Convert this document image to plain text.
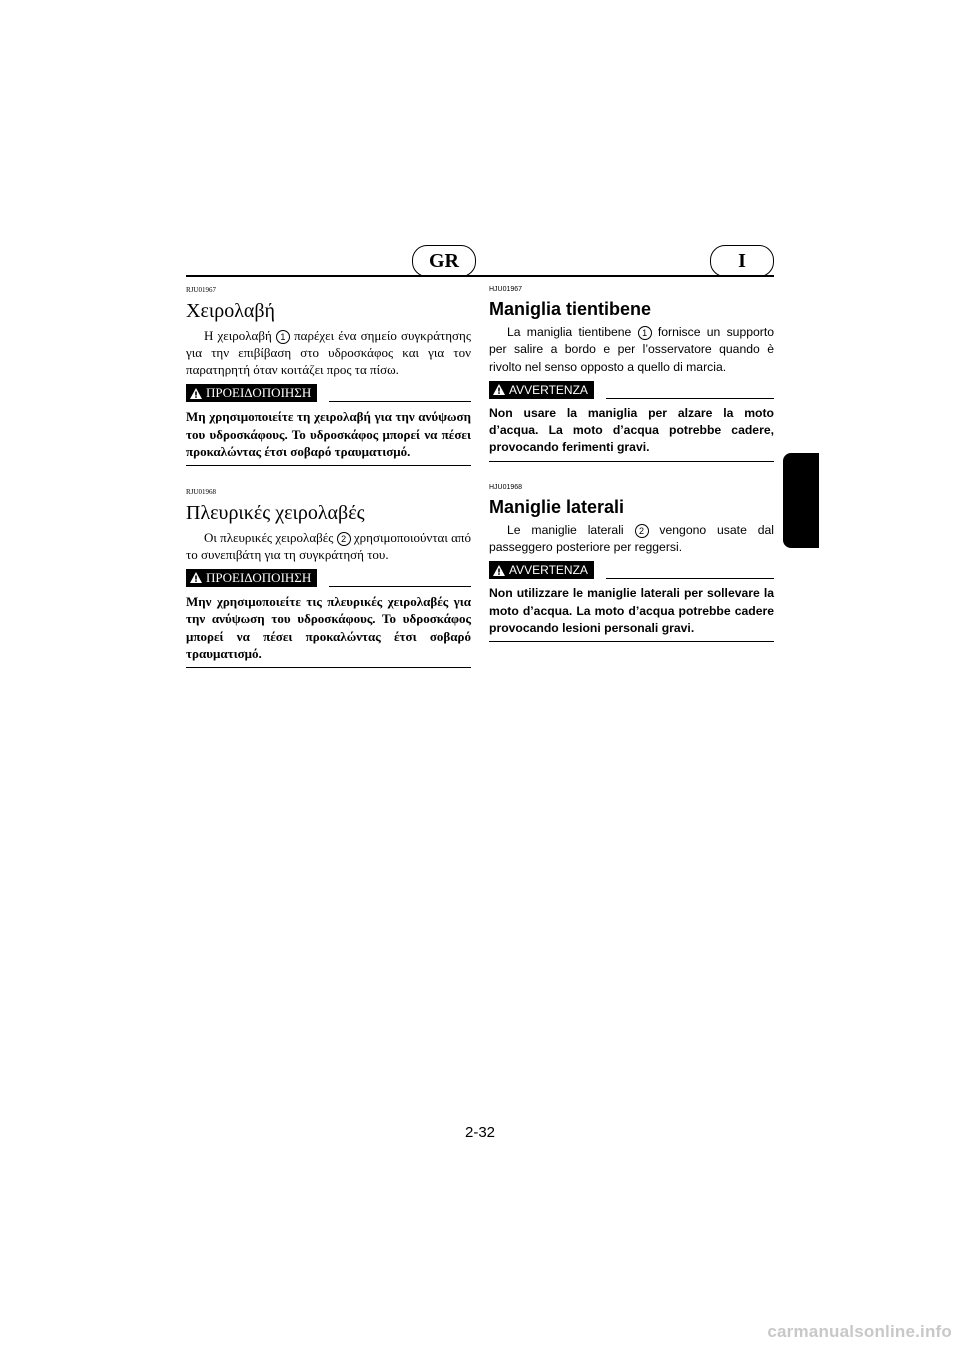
GR	I
RJU01967
Χειρολαβή

Η χειρολαβή 1 παρέχει ένα σημείο συγκράτησης για την επιβίβαση στο υδροσκάφος και για τον παρατηρητή όταν κοιτάζει προς τα πίσω.

ΠΡΟΕΙΔΟΠΟΙΗΣΗ
Μη χρησιμοποιείτε τη χειρολαβή για την ανύψωση του υδροσκάφους. Το υδροσκάφος μπορεί να πέσει προκαλώντας έτσι σοβαρό τραυματισμό.
RJU01968
Πλευρικές χειρολαβές

Οι πλευρικές χειρολαβές 2 χρησιμοποιούνται από το συνεπιβάτη για τη συγκράτησή του.

ΠΡΟΕΙΔΟΠΟΙΗΣΗ
Μην χρησιμοποιείτε τις πλευρικές χειρολαβές για την ανύψωση του υδροσκάφους. Το υδροσκάφος μπορεί να πέσει προκαλώντας έτσι σοβαρό τραυματισμό.
HJU01967
Maniglia tientibene

La maniglia tientibene 1 fornisce un supporto per salire a bordo e per l’osservatore quando è rivolto nel senso opposto a quello di marcia.

AVVERTENZA
Non usare la maniglia per alzare la moto d’acqua. La moto d’acqua potrebbe cadere, provocando ferimenti gravi.
HJU01968
Maniglie laterali

Le maniglie laterali 2 vengono usate dal passeggero posteriore per reggersi.

AVVERTENZA
Non utilizzare le maniglie laterali per sollevare la moto d’acqua. La moto d’acqua potrebbe cadere provocando lesioni personali gravi.
2-32
carmanualsonline.info
